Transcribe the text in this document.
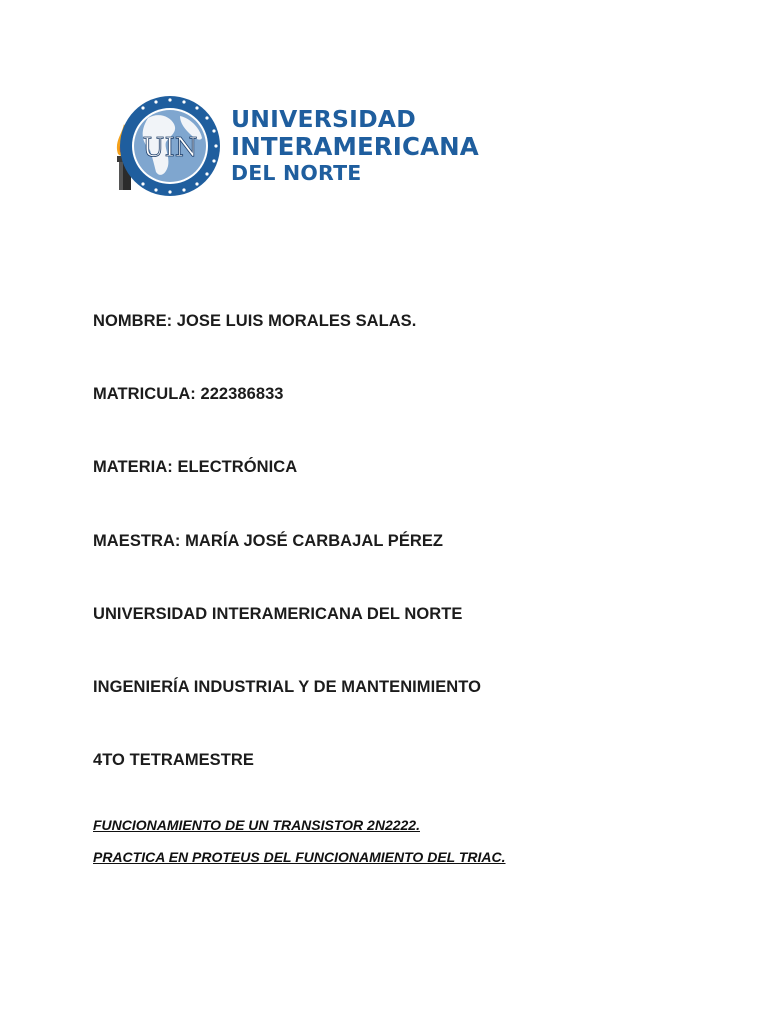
UIN
UNIVERSIDAD
INTERAMERICANA
DEL NORTE
NOMBRE: JOSE LUIS MORALES SALAS.
MATRICULA: 222386833
MATERIA: ELECTRÓNICA
MAESTRA: MARÍA JOSÉ CARBAJAL PÉREZ
UNIVERSIDAD INTERAMERICANA DEL NORTE
INGENIERÍA INDUSTRIAL Y DE MANTENIMIENTO
4TO TETRAMESTRE
FUNCIONAMIENTO DE UN TRANSISTOR 2N2222.
PRACTICA EN PROTEUS DEL FUNCIONAMIENTO DEL TRIAC.
